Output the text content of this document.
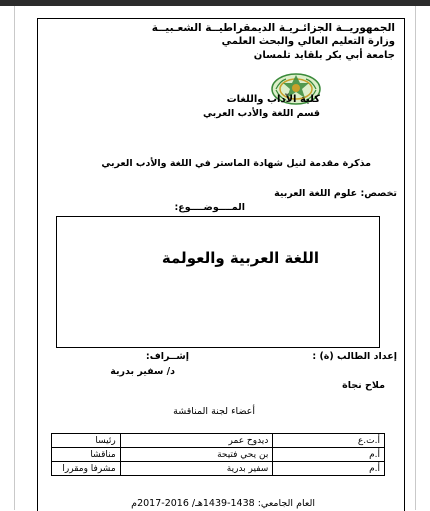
الجمهوريــة الجزائـريـة الديمقراطيــة الشعـبيــة
وزارة التعليم العالي والبحث العلمي
جامعة أبي بكر بلقايد تلمسان
كلية الآداب واللغات
قسم اللغة والأدب العربي
مذكرة مقدمة لنيل شهادة الماستر في اللغة والأدب العربي
تخصص: علوم اللغة العربية
المــــوضــــوع:
اللغة العربية والعولمة
إعداد الطالب (ة) :
إشــراف:
د/ سفير بدرية
ملاح نجاة
أعضاء لجنة المناقشة
أ.ت.ع	ديدوح عمر	رئيسا
أ.م	بن يحي فتيحة	مناقشا
أ.م	سفير بدرية	مشرفا ومقررا
العام الجامعي: 1438-1439هـ/ 2016-2017م
